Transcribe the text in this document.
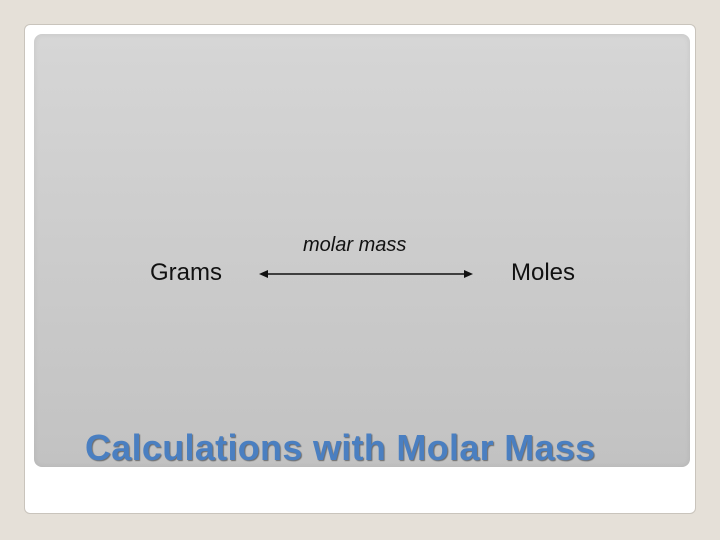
Grams
molar mass
Moles
Calculations with Molar Mass
